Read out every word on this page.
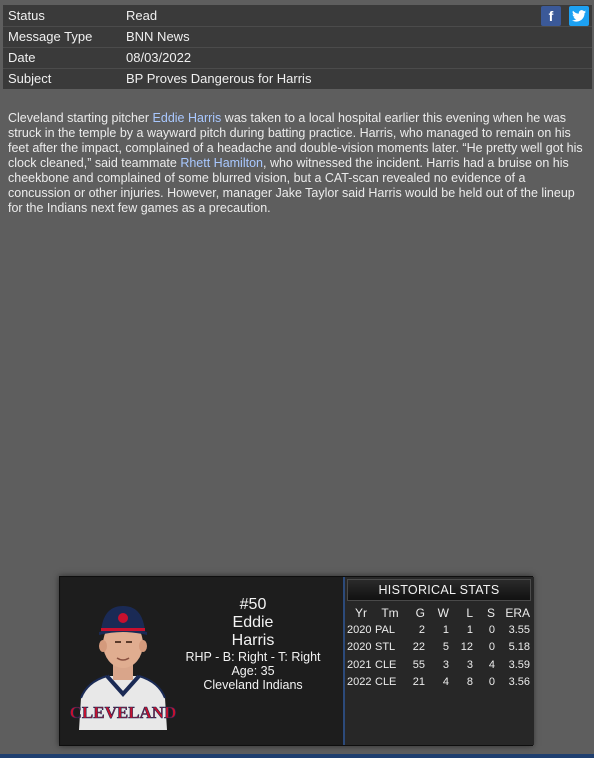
Status	Read
Message Type	BNN News
Date	08/03/2022
Subject	BP Proves Dangerous for Harris
f
Cleveland starting pitcher Eddie Harris was taken to a local hospital earlier this evening when he was struck in the temple by a wayward pitch during batting practice. Harris, who managed to remain on his feet after the impact, complained of a headache and double-vision moments later. “He pretty well got his clock cleaned,” said teammate Rhett Hamilton, who witnessed the incident. Harris had a bruise on his cheekbone and complained of some blurred vision, but a CAT-scan revealed no evidence of a concussion or other injuries. However, manager Jake Taylor said Harris would be held out of the lineup for the Indians next few games as a precaution.
CLEVELAND
#50
Eddie
Harris
RHP - B: Right - T: Right
Age: 35
Cleveland Indians
HISTORICAL STATS
Yr	Tm	G	W	L	S	ERA
2020	PAL	2	1	1	0	3.55
2020	STL	22	5	12	0	5.18
2021	CLE	55	3	3	4	3.59
2022	CLE	21	4	8	0	3.56
